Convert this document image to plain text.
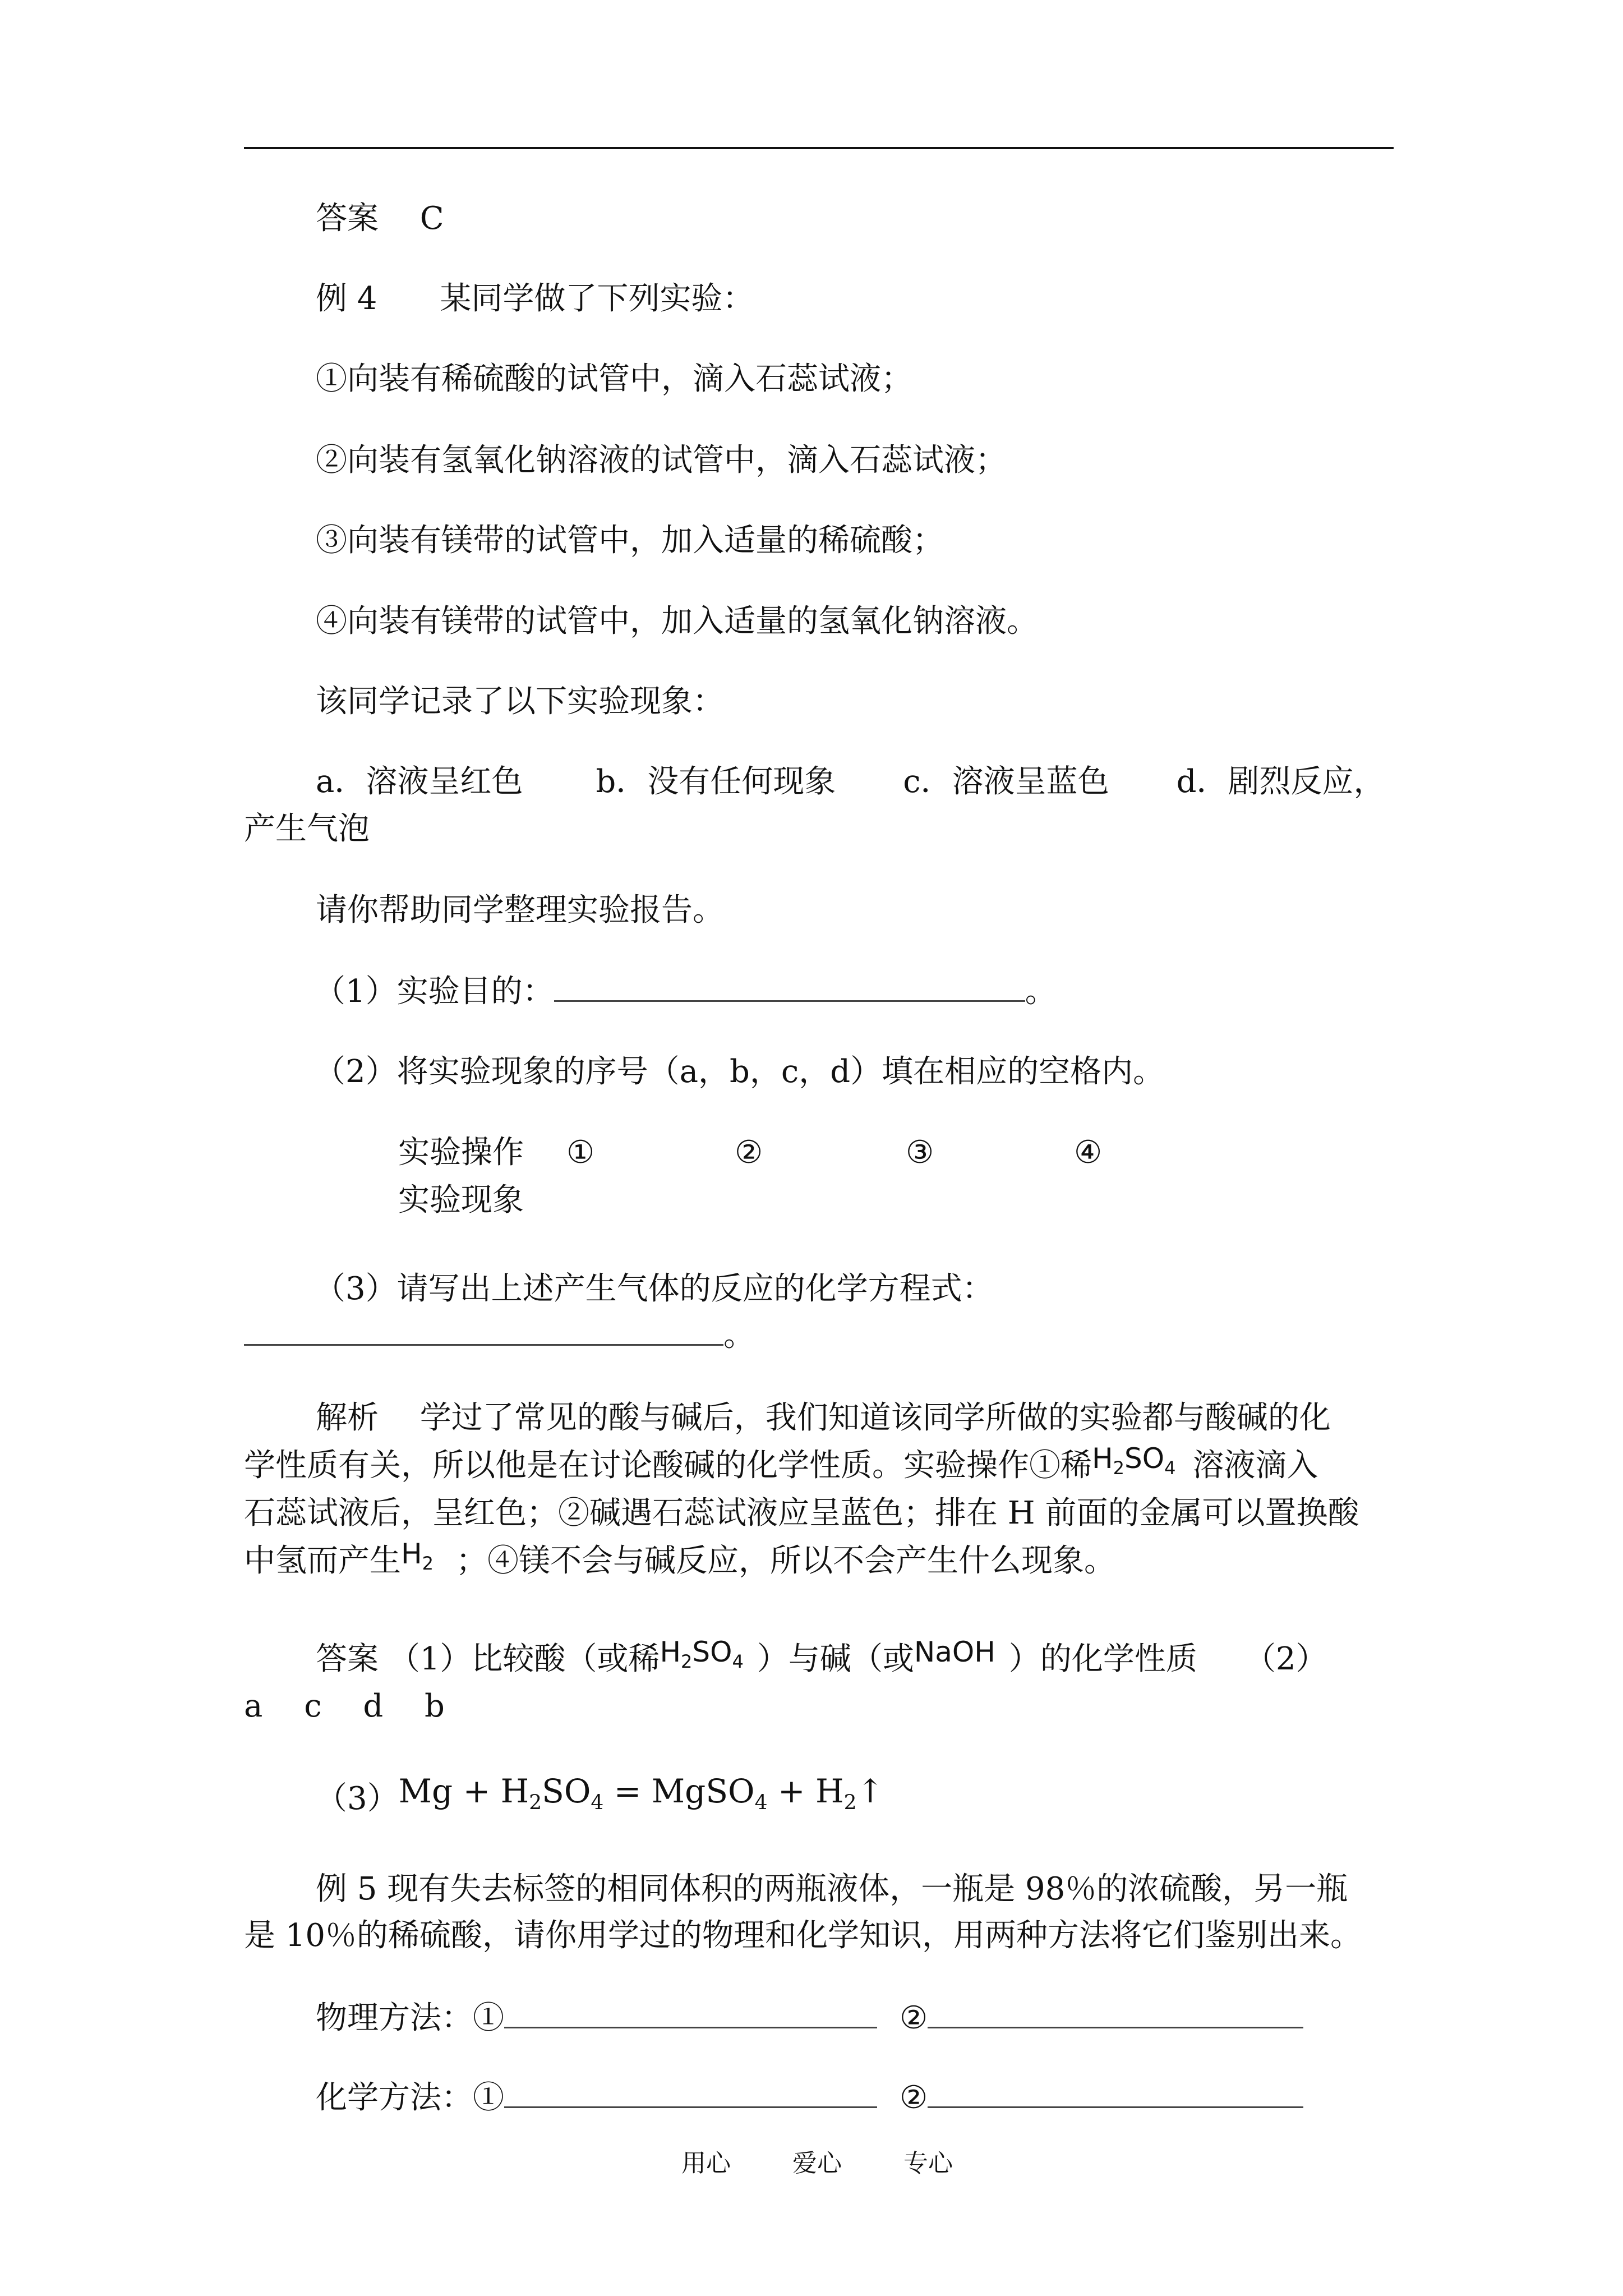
答案　 C
例 4　　某同学做了下列实验：
①向装有稀硫酸的试管中，滴入石蕊试液；
②向装有氢氧化钠溶液的试管中，滴入石蕊试液；
③向装有镁带的试管中，加入适量的稀硫酸；
④向装有镁带的试管中，加入适量的氢氧化钠溶液。
该同学记录了以下实验现象：
a．溶液呈红色 b．没有任何现象 c．溶液呈蓝色 d．剧烈反应，
产生气泡
请你帮助同学整理实验报告。
（1）实验目的：	。
（2）将实验现象的序号（a，b，c，d）填在相应的空格内。
实验操作 ①	②	③	④
实验现象
（3）请写出上述产生气体的反应的化学方程式：
。
解析　 学过了常见的酸与碱后，我们知道该同学所做的实验都与酸碱的化
学性质有关，所以他是在讨论酸碱的化学性质。实验操作①稀$H_2SO_4$ 溶液滴入
石蕊试液后，呈红色；②碱遇石蕊试液应呈蓝色；排在 H 前面的金属可以置换酸
中氢而产生$H_2$ ；④镁不会与碱反应，所以不会产生什么现象。
答案 （1）比较酸（或稀$H_2SO_4$ ）与碱（或NaOH ）的化学性质　　（2）
a　 c　 d　 b
$(3)Mg + H_2SO_4$ = MgSO$_4$ + $H_2↑$
例 5 现有失去标签的相同体积的两瓶液体，一瓶是 98％的浓硫酸，另一瓶
是 10％的稀硫酸，请你用学过的物理和化学知识，用两种方法将它们鉴别出来。
物理方法：①	②
化学方法：①	②
用心	爱心	专心
